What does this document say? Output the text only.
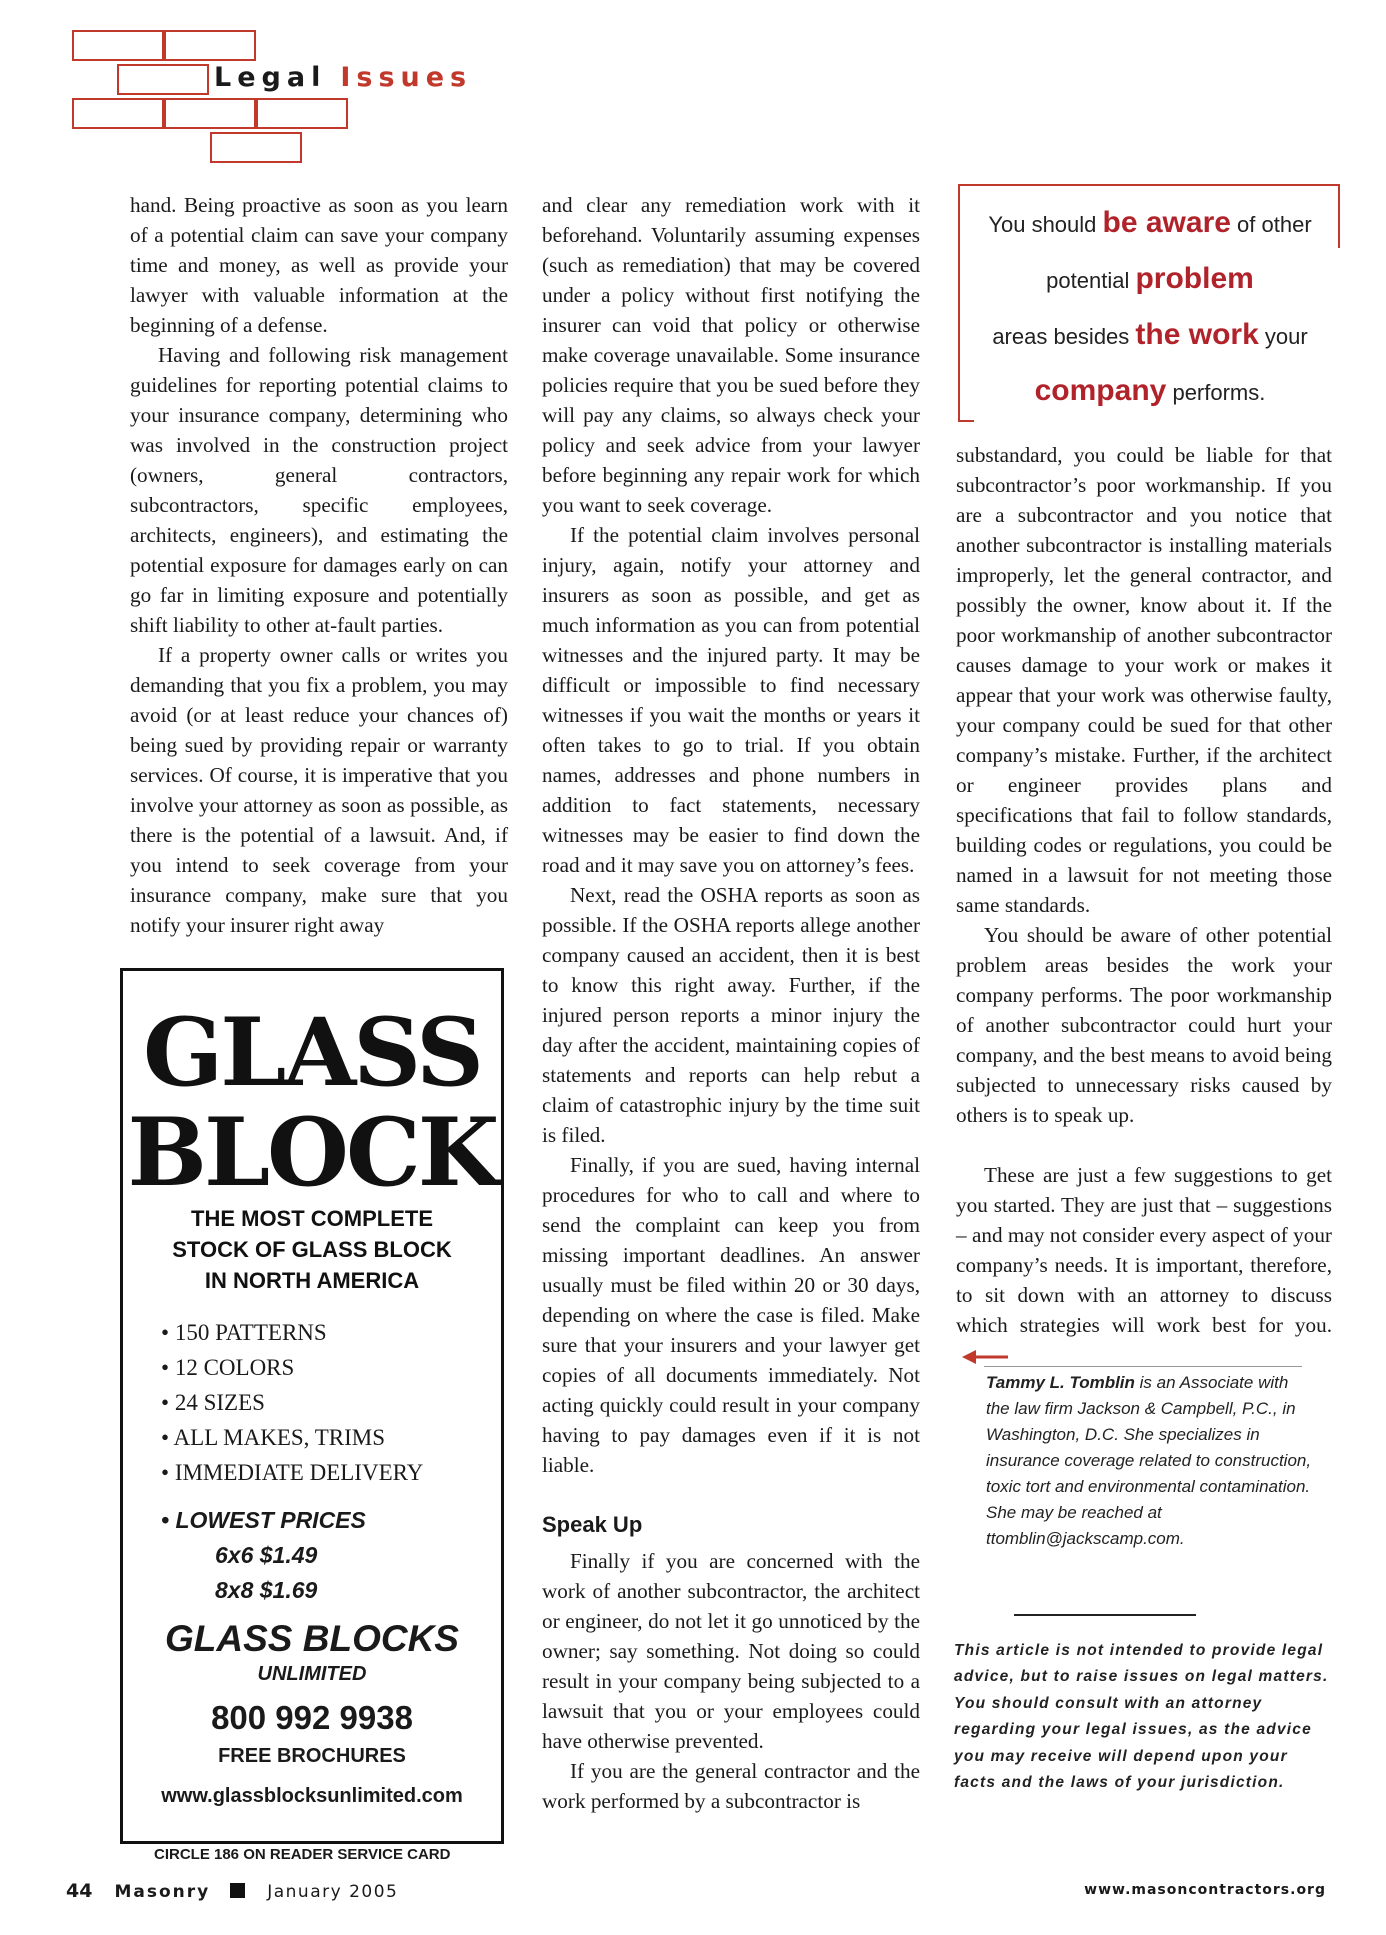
Legal Issues

hand. Being proactive as soon as you learn of a potential claim can save your company time and money, as well as provide your lawyer with valuable information at the beginning of a defense.

Having and following risk management guidelines for reporting potential claims to your insurance company, determining who was involved in the construction project (owners, general contractors, subcontractors, specific employees, architects, engineers), and estimating the potential exposure for damages early on can go far in limiting exposure and potentially shift liability to other at-fault parties.

If a property owner calls or writes you demanding that you fix a problem, you may avoid (or at least reduce your chances of) being sued by providing repair or warranty services. Of course, it is imperative that you involve your attorney as soon as possible, as there is the potential of a lawsuit. And, if you intend to seek coverage from your insurance company, make sure that you notify your insurer right away

and clear any remediation work with it beforehand. Voluntarily assuming expenses (such as remediation) that may be covered under a policy without first notifying the insurer can void that policy or otherwise make coverage unavailable. Some insurance policies require that you be sued before they will pay any claims, so always check your policy and seek advice from your lawyer before beginning any repair work for which you want to seek coverage.

If the potential claim involves personal injury, again, notify your attorney and insurers as soon as possible, and get as much information as you can from potential witnesses and the injured party. It may be difficult or impossible to find necessary witnesses if you wait the months or years it often takes to go to trial. If you obtain names, addresses and phone numbers in addition to fact statements, necessary witnesses may be easier to find down the road and it may save you on attorney’s fees.

Next, read the OSHA reports as soon as possible. If the OSHA reports allege another company caused an accident, then it is best to know this right away. Further, if the injured person reports a minor injury the day after the accident, maintaining copies of statements and reports can help rebut a claim of catastrophic injury by the time suit is filed.

Finally, if you are sued, having internal procedures for who to call and where to send the complaint can keep you from missing important deadlines. An answer usually must be filed within 20 or 30 days, depending on where the case is filed. Make sure that your insurers and your lawyer get copies of all documents immediately. Not acting quickly could result in your company having to pay damages even if it is not liable.

Speak Up

Finally if you are concerned with the work of another subcontractor, the architect or engineer, do not let it go unnoticed by the owner; say something. Not doing so could result in your company being subjected to a lawsuit that you or your employees could have otherwise prevented.

If you are the general contractor and the work performed by a subcontractor is

You should be aware of other
potential problem
areas besides the work your
company performs.

substandard, you could be liable for that subcontractor’s poor workmanship. If you are a subcontractor and you notice that another subcontractor is installing materials improperly, let the general contractor, and possibly the owner, know about it. If the poor workmanship of another subcontractor causes damage to your work or makes it appear that your work was otherwise faulty, your company could be sued for that other company’s mistake. Further, if the architect or engineer provides plans and specifications that fail to follow standards, building codes or regulations, you could be named in a lawsuit for not meeting those same standards.

You should be aware of other potential problem areas besides the work your company performs. The poor workmanship of another subcontractor could hurt your company, and the best means to avoid being subjected to unnecessary risks caused by others is to speak up.

These are just a few suggestions to get you started. They are just that – suggestions – and may not consider every aspect of your company’s needs. It is important, therefore, to sit down with an attorney to discuss which strategies will work best for you.

Tammy L. Tomblin is an Associate with the law firm Jackson & Campbell, P.C., in Washington, D.C. She specializes in insurance coverage related to construction, toxic tort and environmental contamination. She may be reached at ttomblin@jackscamp.com.
This article is not intended to provide legal advice, but to raise issues on legal matters. You should consult with an attorney regarding your legal issues, as the advice you may receive will depend upon your facts and the laws of your jurisdiction.
GLASS
BLOCK
THE MOST COMPLETE
STOCK OF GLASS BLOCK
IN NORTH AMERICA
• 150 PATTERNS
• 12 COLORS
• 24 SIZES
• ALL MAKES, TRIMS
• IMMEDIATE DELIVERY
• LOWEST PRICES
6x6 $1.49
8x8 $1.69
GLASS BLOCKS
UNLIMITED
800 992 9938
FREE BROCHURES
www.glassblocksunlimited.com
CIRCLE 186 ON READER SERVICE CARD
44 Masonry	January 2005	www.masoncontractors.org
